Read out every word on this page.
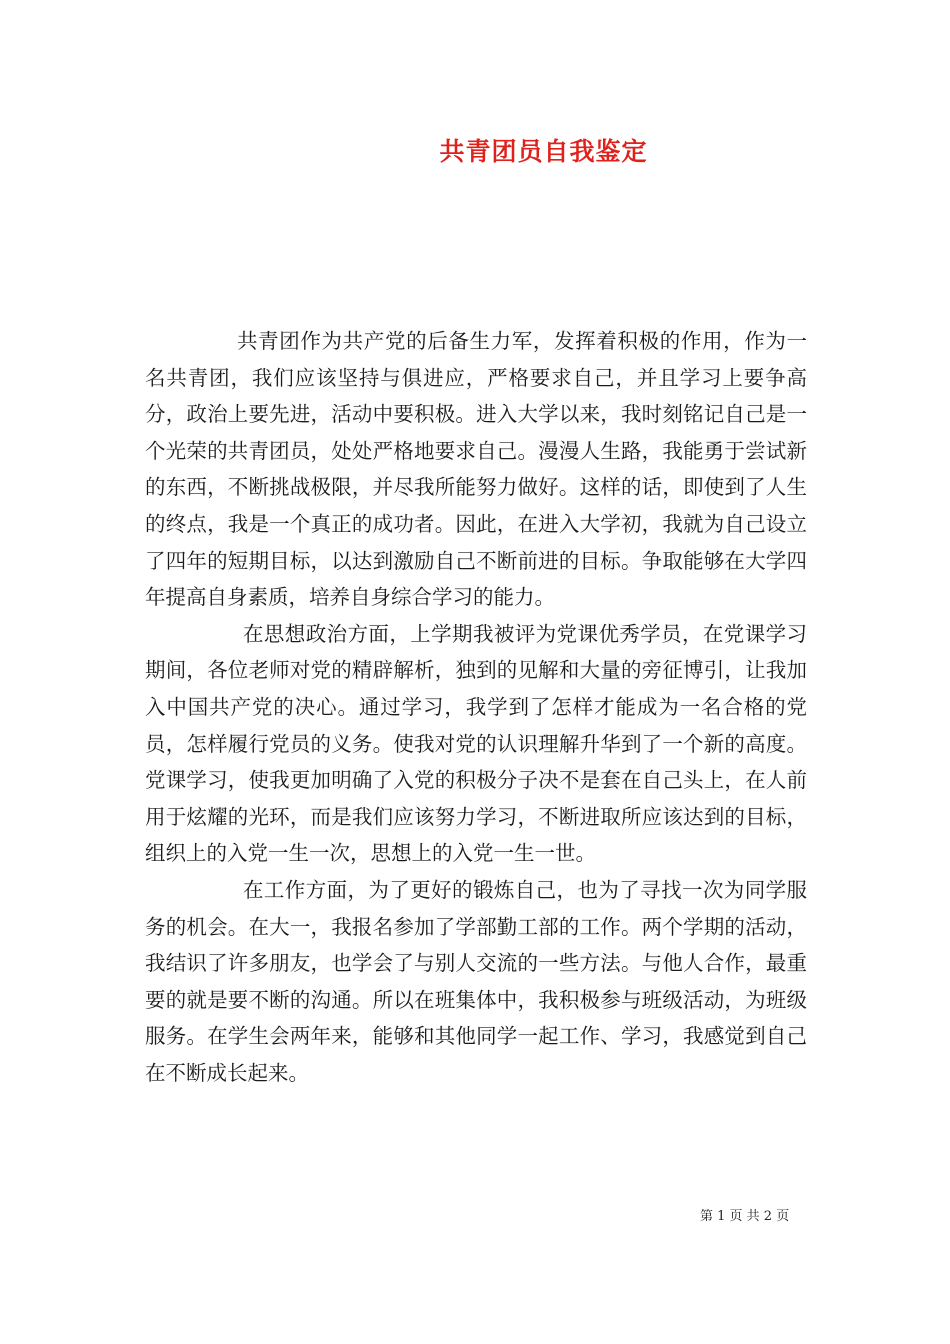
共青团员自我鉴定

共青团作为共产党的后备生力军，发挥着积极的作用，作为一名共青团，我们应该坚持与俱进应，严格要求自己，并且学习上要争高分，政治上要先进，活动中要积极。进入大学以来，我时刻铭记自己是一个光荣的共青团员，处处严格地要求自己。漫漫人生路，我能勇于尝试新的东西，不断挑战极限，并尽我所能努力做好。这样的话，即使到了人生的终点，我是一个真正的成功者。因此，在进入大学初，我就为自己设立了四年的短期目标，以达到激励自己不断前进的目标。争取能够在大学四年提高自身素质，培养自身综合学习的能力。

在思想政治方面，上学期我被评为党课优秀学员，在党课学习期间，各位老师对党的精辟解析，独到的见解和大量的旁征博引，让我加入中国共产党的决心。通过学习，我学到了怎样才能成为一名合格的党员，怎样履行党员的义务。使我对党的认识理解升华到了一个新的高度。党课学习，使我更加明确了入党的积极分子决不是套在自己头上，在人前用于炫耀的光环，而是我们应该努力学习，不断进取所应该达到的目标，组织上的入党一生一次，思想上的入党一生一世。

在工作方面，为了更好的锻炼自己，也为了寻找一次为同学服务的机会。在大一，我报名参加了学部勤工部的工作。两个学期的活动，我结识了许多朋友，也学会了与别人交流的一些方法。与他人合作，最重要的就是要不断的沟通。所以在班集体中，我积极参与班级活动，为班级服务。在学生会两年来，能够和其他同学一起工作、学习，我感觉到自己在不断成长起来。

第 1 页 共 2 页
